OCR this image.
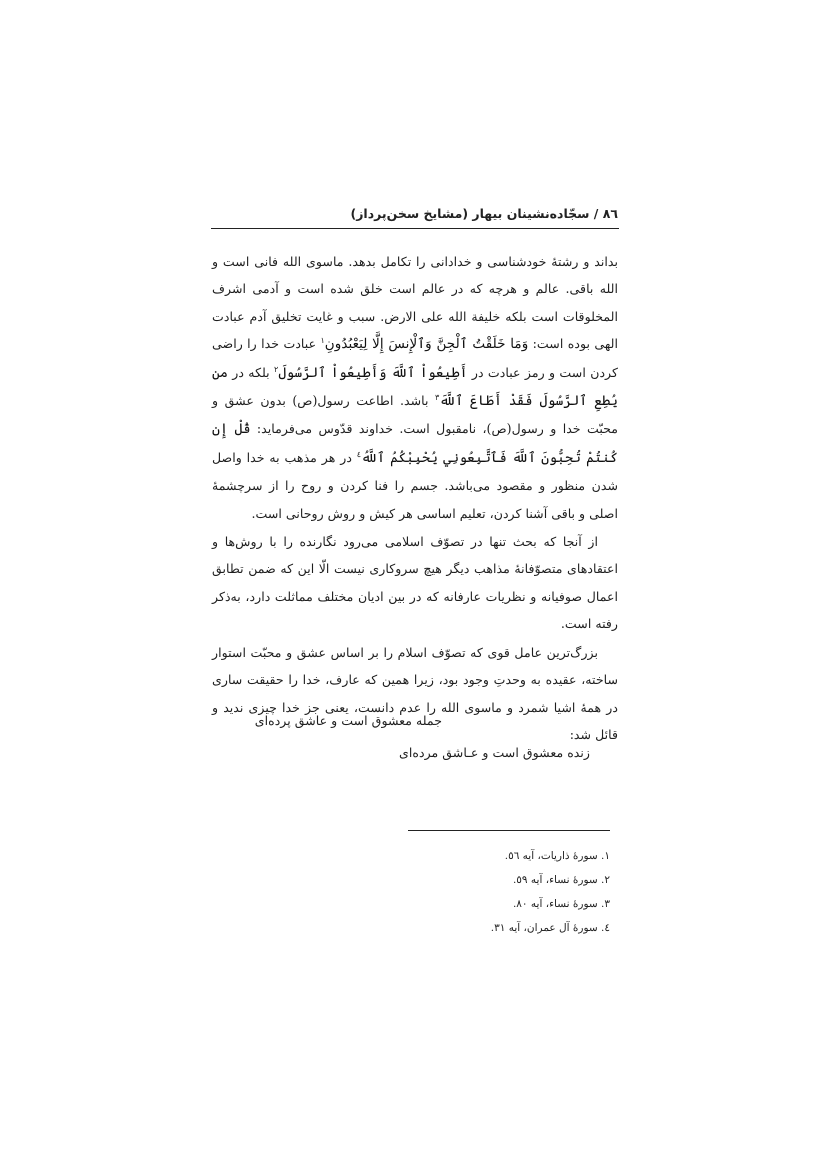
٨٦ / سجّاده‌نشینان بیهار (مشایخ سخن‌پرداز)

بداند و رشتۀ خودشناسی و خدادانی را تکامل بدهد. ماسوی الله فانی است و الله باقی. عالم و هرچه که در عالم است خلق شده است و آدمی اشرف المخلوقات است بلکه خلیفة الله علی الارض. سبب و غایت تخلیق آدم عبادت الهی بوده است: وَمَا خَلَقْتُ ٱلْجِنَّ وَٱلْإِنسَ إِلَّا لِيَعْبُدُونِ$^١$ عبادت خدا را راضی کردن است و رمز عبادت در أَطِيعُواْ ٱللَّهَ وَأَطِيعُواْ ٱلرَّسُولَ$^٢$ بلکه در من يُطِعِ ٱلرَّسُولَ فَقَدْ أَطَاعَ ٱللَّهَ$^٣$ باشد. اطاعت رسول(ص) بدون عشق و محبّت خدا و رسول(ص)، نامقبول است. خداوند قدّوس می‌فرماید: قُلْ إِن كُنتُمْ تُحِبُّونَ ٱللَّهَ فَٱتَّبِعُونِي يُحْبِبْكُمُ ٱللَّهُ$^٤$ در هر مذهب به خدا واصل شدن منظور و مقصود می‌باشد. جسم را فنا کردن و روح را از سرچشمۀ اصلی و باقی آشنا کردن، تعلیم اساسی هر کیش و روش روحانی است.

از آنجا که بحث تنها در تصوّف اسلامی می‌رود نگارنده را با روش‌ها و اعتقادهای متصوّفانۀ مذاهب دیگر هیچ سروکاری نیست الّا این که ضمن تطابق اعمال صوفیانه و نظریات عارفانه که در بین ادیان مختلف مماثلت دارد، به‌ذکر رفته است.

بزرگ‌ترین عامل قوی که تصوّف اسلام را بر اساس عشق و محبّت استوار ساخته، عقیده به وحدتِ وجود بود، زیرا همین که عارف، خدا را حقیقت ساری در همۀ اشیا شمرد و ماسوی الله را عدم دانست، یعنی جز خدا چیزی ندید و قائل شد:

جمله معشوق است و عاشق پرده‌ای
زنده معشوق است و عـاشق مرده‌ای
١. سورۀ ذاریات، آیه ٥٦.
٢. سورۀ نساء، آیه ٥٩.
٣. سورۀ نساء، آیه ٨٠.
٤. سورۀ آل عمران، آیه ٣١.
